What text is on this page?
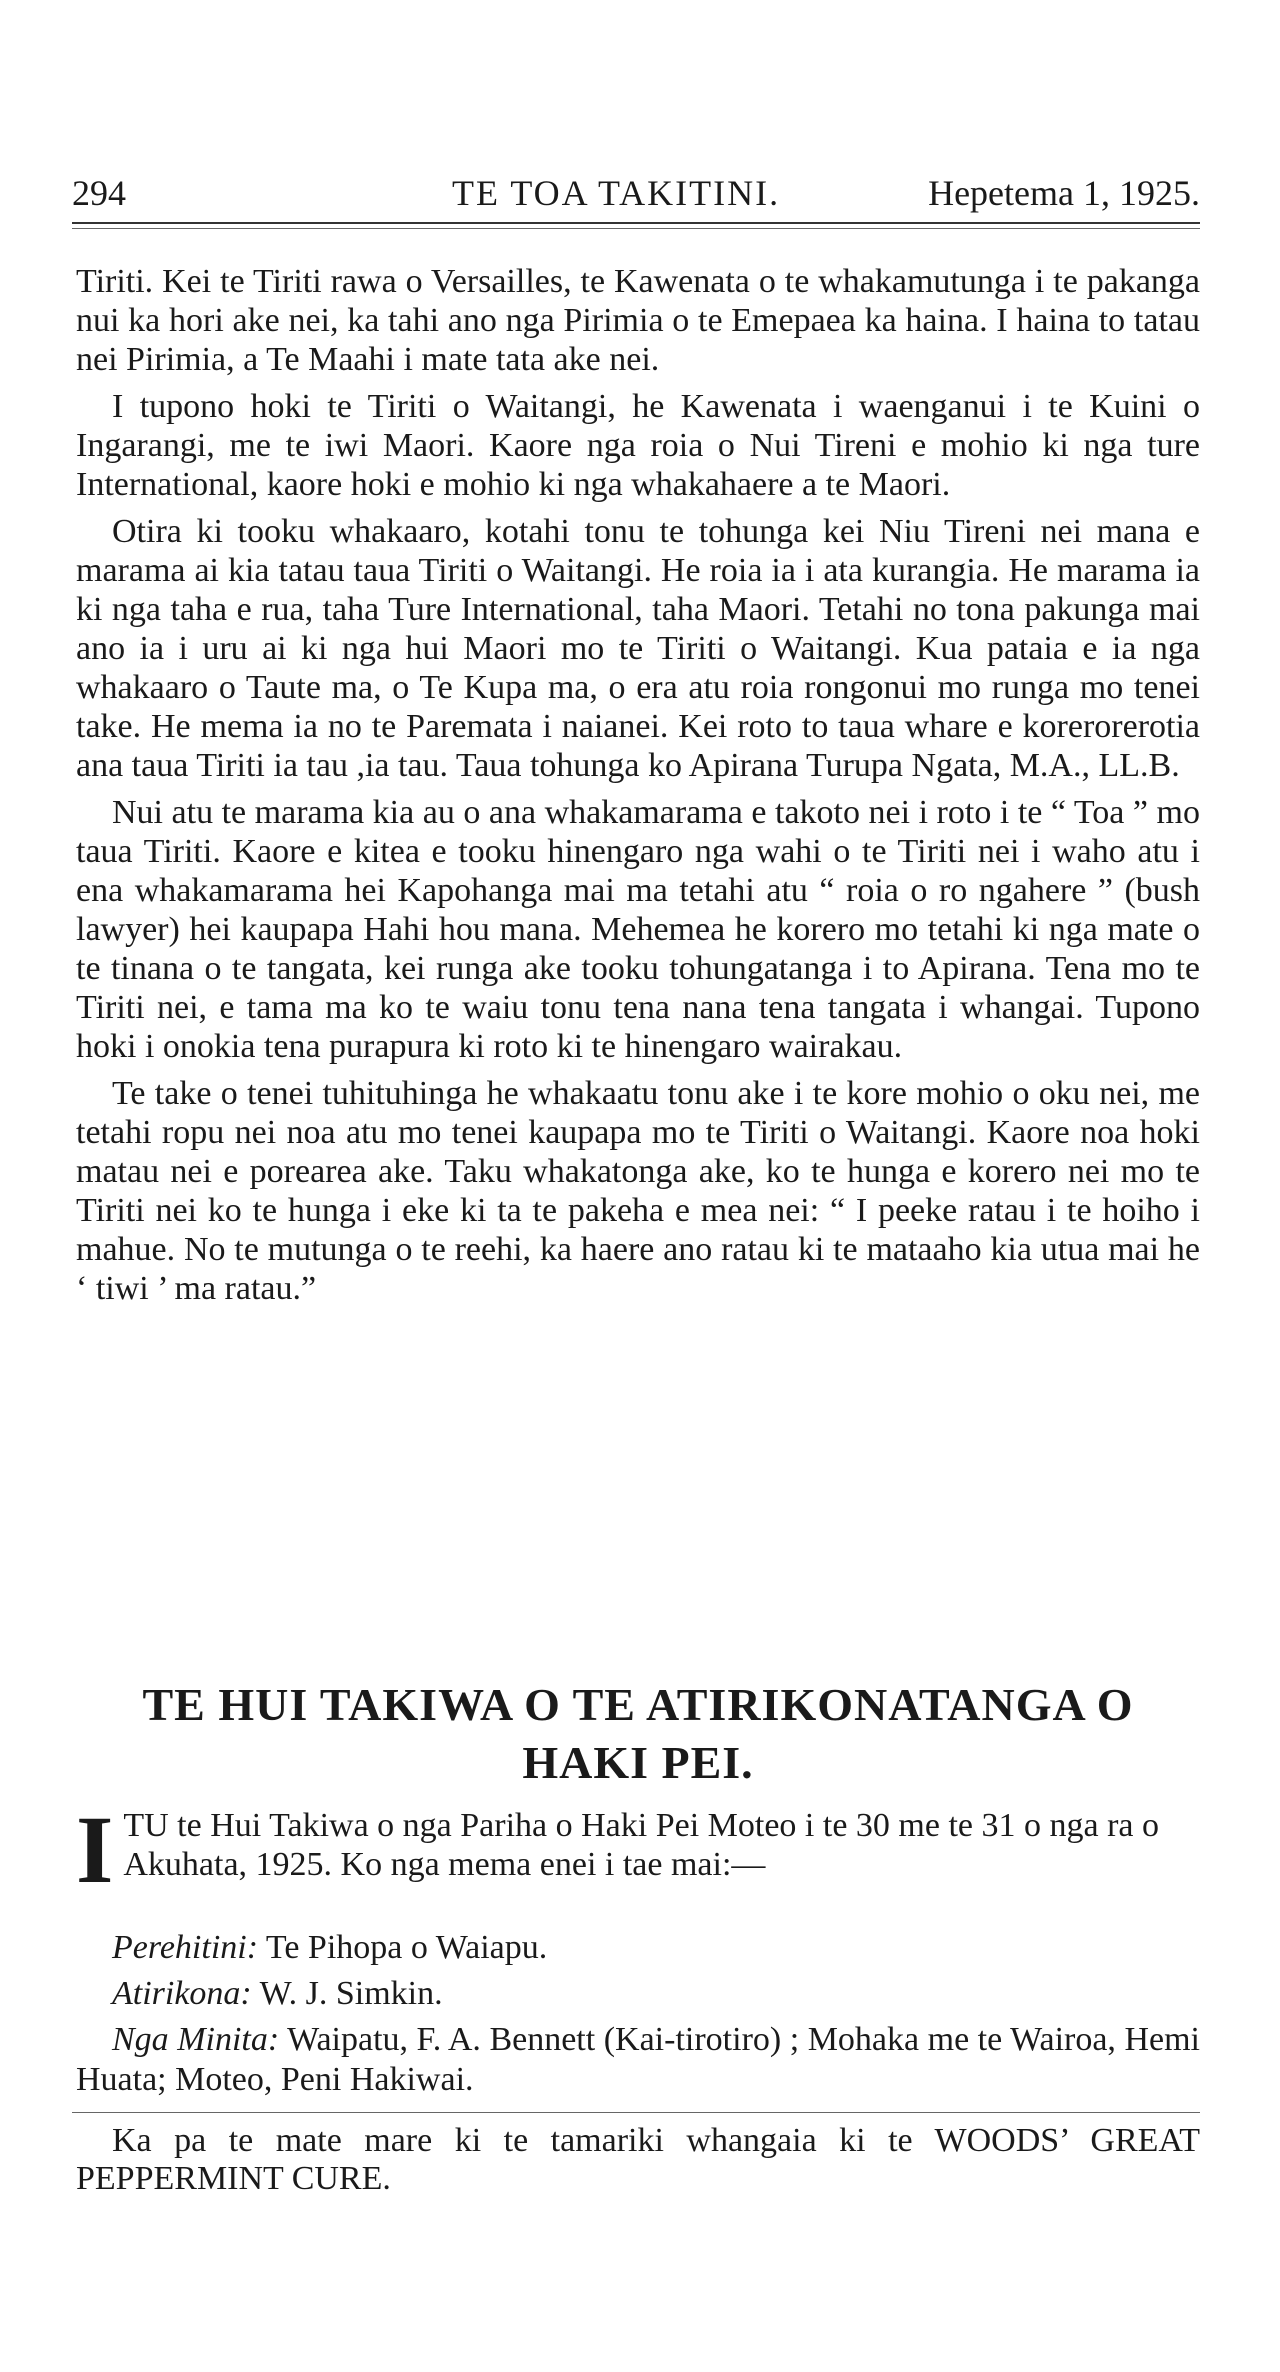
294	TE TOA TAKITINI.	Hepetema 1, 1925.

Tiriti. Kei te Tiriti rawa o Versailles, te Kawenata o te whakamutunga i te pakanga nui ka hori ake nei, ka tahi ano nga Pirimia o te Emepaea ka haina. I haina to tatau nei Pirimia, a Te Maahi i mate tata ake nei.

I tupono hoki te Tiriti o Waitangi, he Kawenata i waenganui i te Kuini o Ingarangi, me te iwi Maori. Kaore nga roia o Nui Tireni e mohio ki nga ture International, kaore hoki e mohio ki nga whakahaere a te Maori.

Otira ki tooku whakaaro, kotahi tonu te tohunga kei Niu Tireni nei mana e marama ai kia tatau taua Tiriti o Waitangi. He roia ia i ata kurangia. He marama ia ki nga taha e rua, taha Ture International, taha Maori. Tetahi no tona pakunga mai ano ia i uru ai ki nga hui Maori mo te Tiriti o Waitangi. Kua pataia e ia nga whakaaro o Taute ma, o Te Kupa ma, o era atu roia rongonui mo runga mo tenei take. He mema ia no te Paremata i naianei. Kei roto to taua whare e korerorerotia ana taua Tiriti ia tau ,ia tau. Taua tohunga ko Apirana Turupa Ngata, M.A., LL.B.

Nui atu te marama kia au o ana whakamarama e takoto nei i roto i te “ Toa ” mo taua Tiriti. Kaore e kitea e tooku hinengaro nga wahi o te Tiriti nei i waho atu i ena whakamarama hei Kapohanga mai ma tetahi atu “ roia o ro ngahere ” (bush lawyer) hei kaupapa Hahi hou mana. Mehemea he korero mo tetahi ki nga mate o te tinana o te tangata, kei runga ake tooku tohungatanga i to Apirana. Tena mo te Tiriti nei, e tama ma ko te waiu tonu tena nana tena tangata i whangai. Tupono hoki i onokia tena purapura ki roto ki te hinengaro wairakau.

Te take o tenei tuhituhinga he whakaatu tonu ake i te kore mohio o oku nei, me tetahi ropu nei noa atu mo tenei kaupapa mo te Tiriti o Waitangi. Kaore noa hoki matau nei e porearea ake. Taku whakatonga ake, ko te hunga e korero nei mo te Tiriti nei ko te hunga i eke ki ta te pakeha e mea nei: “ I peeke ratau i te hoiho i mahue. No te mutunga o te reehi, ka haere ano ratau ki te mataaho kia utua mai he ‘ tiwi ’ ma ratau.”

TE HUI TAKIWA O TE ATIRIKONATANGA O
HAKI PEI.
I TU te Hui Takiwa o nga Pariha o Haki Pei Moteo i te 30 me te 31 o nga ra o Akuhata, 1925. Ko nga mema enei i tae mai:—

Perehitini: Te Pihopa o Waiapu.

Atirikona: W. J. Simkin.

Nga Minita: Waipatu, F. A. Bennett (Kai-tirotiro) ; Mohaka me te Wairoa, Hemi Huata; Moteo, Peni Hakiwai.

Ka pa te mate mare ki te tamariki whangaia ki te WOODS’ GREAT PEPPERMINT CURE.
